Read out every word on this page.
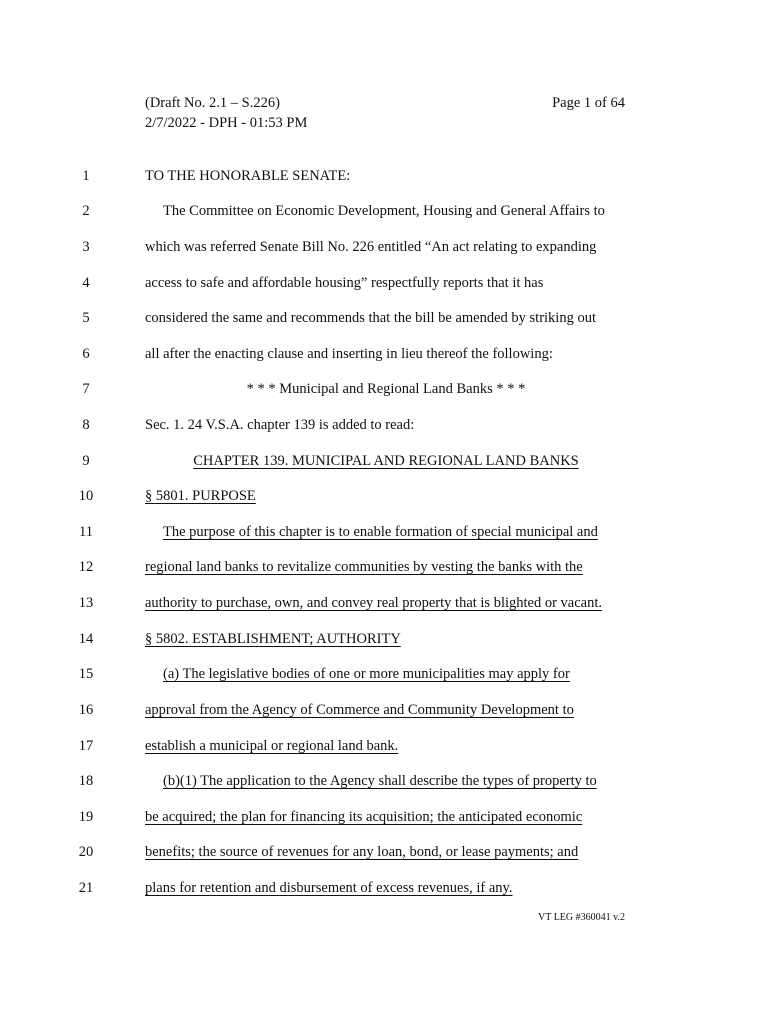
(Draft No. 2.1 – S.226)
2/7/2022 - DPH - 01:53 PM
Page 1 of 64
1	TO THE HONORABLE SENATE:
2	The Committee on Economic Development, Housing and General Affairs to
3	which was referred Senate Bill No. 226 entitled “An act relating to expanding
4	access to safe and affordable housing” respectfully reports that it has
5	considered the same and recommends that the bill be amended by striking out
6	all after the enacting clause and inserting in lieu thereof the following:
7	* * * Municipal and Regional Land Banks * * *
8	Sec. 1. 24 V.S.A. chapter 139 is added to read:
9	CHAPTER 139. MUNICIPAL AND REGIONAL LAND BANKS
10	§ 5801. PURPOSE
11	The purpose of this chapter is to enable formation of special municipal and
12	regional land banks to revitalize communities by vesting the banks with the
13	authority to purchase, own, and convey real property that is blighted or vacant.
14	§ 5802. ESTABLISHMENT; AUTHORITY
15	(a) The legislative bodies of one or more municipalities may apply for
16	approval from the Agency of Commerce and Community Development to
17	establish a municipal or regional land bank.
18	(b)(1) The application to the Agency shall describe the types of property to
19	be acquired; the plan for financing its acquisition; the anticipated economic
20	benefits; the source of revenues for any loan, bond, or lease payments; and
21	plans for retention and disbursement of excess revenues, if any.
VT LEG #360041 v.2
